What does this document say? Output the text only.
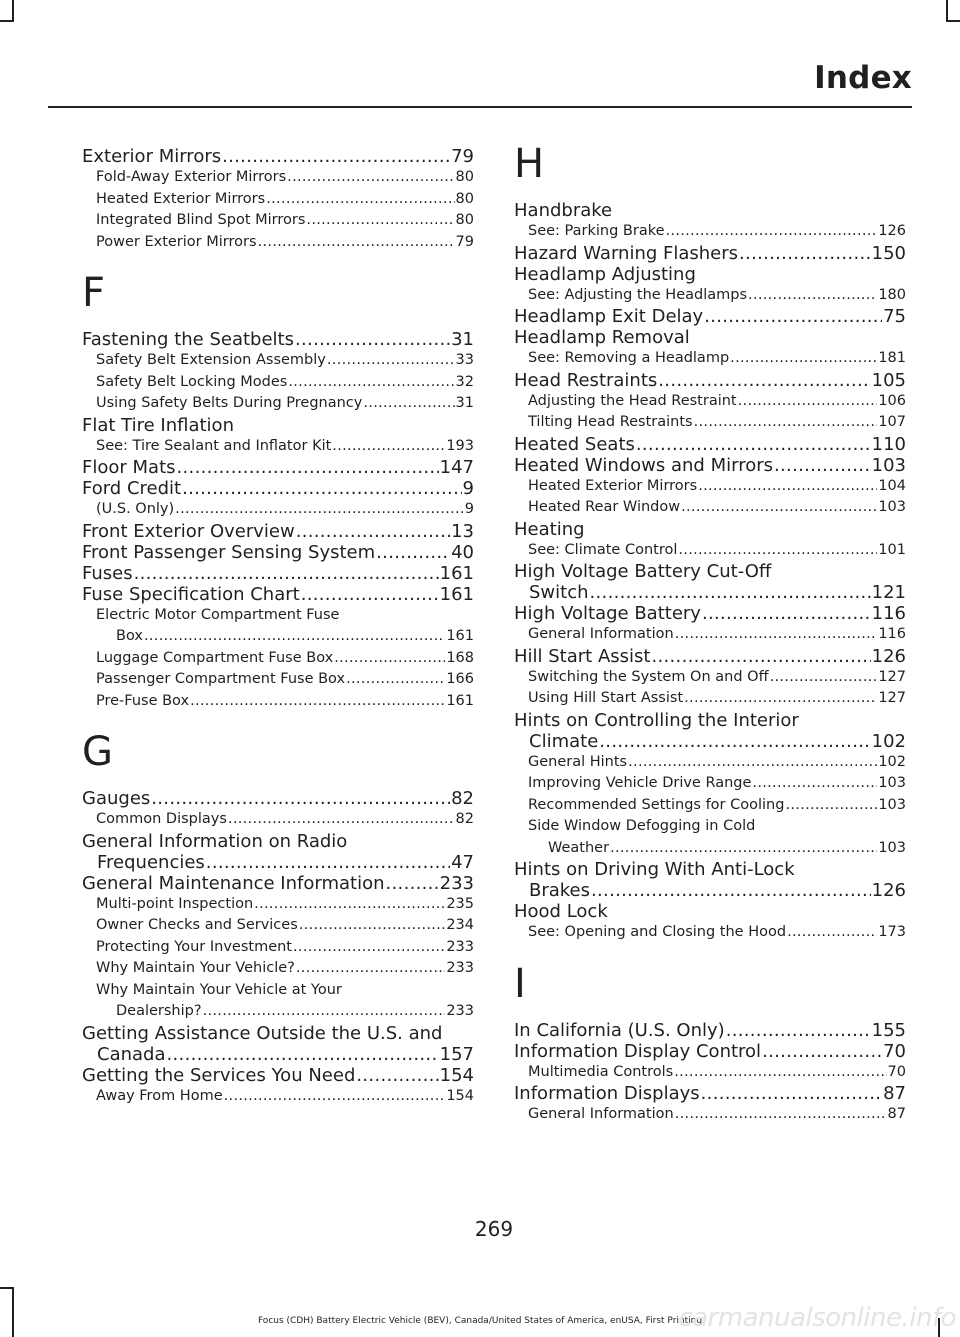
Index
Exterior Mirrors .....	79
Fold-Away Exterior Mirrors .....	80
Heated Exterior Mirrors .....	80
Integrated Blind Spot Mirrors .....	80
Power Exterior Mirrors .....	79
F
Fastening the Seatbelts .....	31
Safety Belt Extension Assembly .....	33
Safety Belt Locking Modes .....	32
Using Safety Belts During Pregnancy .....	31
Flat Tire Inflation
See: Tire Sealant and Inflator Kit .....	193
Floor Mats .....	147
Ford Credit .....	9
(U.S. Only) .....	9
Front Exterior Overview .....	13
Front Passenger Sensing System .....	40
Fuses .....	161
Fuse Specification Chart .....	161
Electric Motor Compartment Fuse
Box .....	161
Luggage Compartment Fuse Box .....	168
Passenger Compartment Fuse Box .....	166
Pre-Fuse Box .....	161
G
Gauges .....	82
Common Displays .....	82
General Information on Radio
Frequencies .....	47
General Maintenance Information .....	233
Multi-point Inspection .....	235
Owner Checks and Services .....	234
Protecting Your Investment .....	233
Why Maintain Your Vehicle? .....	233
Why Maintain Your Vehicle at Your
Dealership? .....	233
Getting Assistance Outside the U.S. and
Canada .....	157
Getting the Services You Need .....	154
Away From Home .....	154
H
Handbrake
See: Parking Brake .....	126
Hazard Warning Flashers .....	150
Headlamp Adjusting
See: Adjusting the Headlamps .....	180
Headlamp Exit Delay .....	75
Headlamp Removal
See: Removing a Headlamp .....	181
Head Restraints .....	105
Adjusting the Head Restraint .....	106
Tilting Head Restraints .....	107
Heated Seats .....	110
Heated Windows and Mirrors .....	103
Heated Exterior Mirrors .....	104
Heated Rear Window .....	103
Heating
See: Climate Control .....	101
High Voltage Battery Cut-Off
Switch .....	121
High Voltage Battery .....	116
General Information .....	116
Hill Start Assist .....	126
Switching the System On and Off .....	127
Using Hill Start Assist .....	127
Hints on Controlling the Interior
Climate .....	102
General Hints .....	102
Improving Vehicle Drive Range .....	103
Recommended Settings for Cooling .....	103
Side Window Defogging in Cold
Weather .....	103
Hints on Driving With Anti-Lock
Brakes .....	126
Hood Lock
See: Opening and Closing the Hood .....	173
I
In California (U.S. Only) .....	155
Information Display Control .....	70
Multimedia Controls .....	70
Information Displays .....	87
General Information .....	87
269
Focus (CDH) Battery Electric Vehicle (BEV), Canada/United States of America, enUSA, First Printing
carmanualsonline.info
